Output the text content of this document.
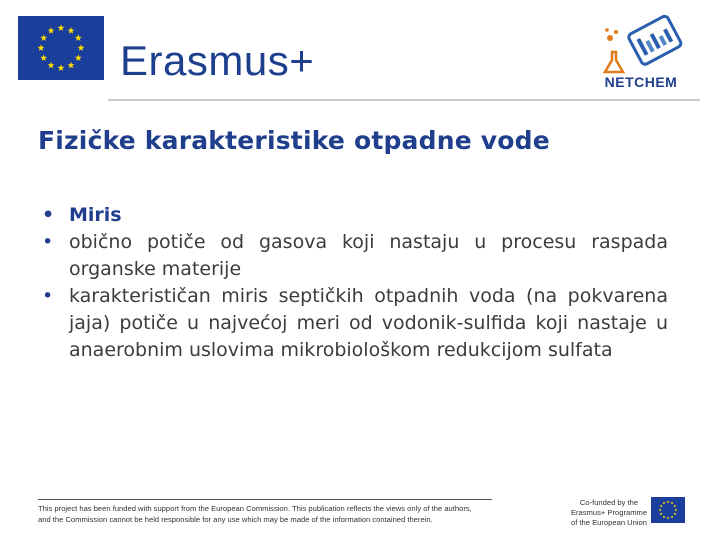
Erasmus+	NETCHEM
Fizičke karakteristike otpadne vode
• Miris
• obično potiče od gasova koji nastaju u procesu raspada organske materije
• karakterističan miris septičkih otpadnih voda (na pokvarena jaja) potiče u najvećoj meri od vodonik-sulfida koji nastaje u anaerobnim uslovima mikrobiološkom redukcijom sulfata
This project has been funded with support from the European Commission. This publication reflects the views only of the authors,
and the Commission cannot be held responsible for any use which may be made of the information contained therein.
Co-funded by the
Erasmus+ Programme
of the European Union
